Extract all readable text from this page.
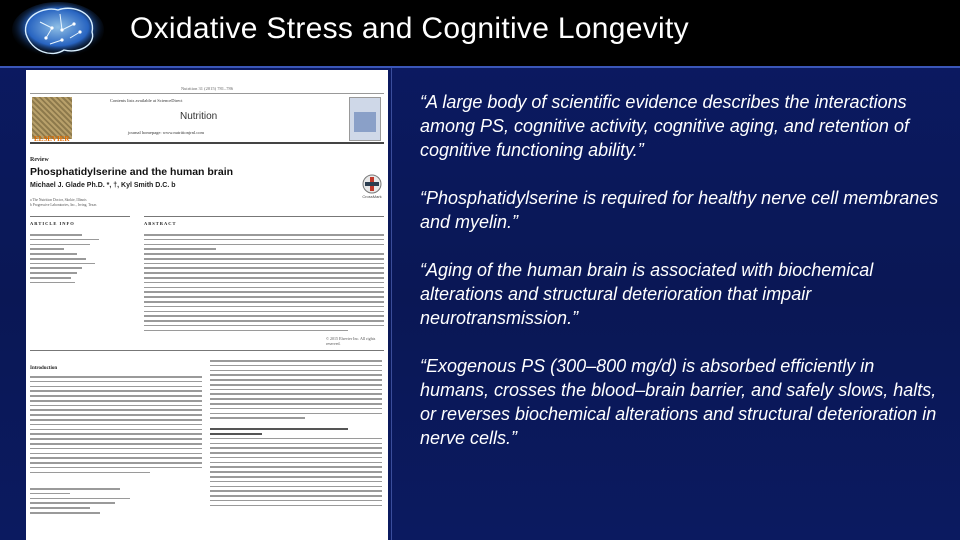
Oxidative Stress and Cognitive Longevity
Nutrition 31 (2015) 781–786
ELSEVIER
Contents lists available at ScienceDirect
Nutrition
journal homepage: www.nutritionjrnl.com
Review
Phosphatidylserine and the human brain
Michael J. Glade Ph.D. *, †, Kyl Smith D.C. b
CrossMark
a The Nutrition Doctor, Skokie, Illinois
b Progressive Laboratories, Inc., Irving, Texas
ARTICLE INFO	ABSTRACT
© 2015 Elsevier Inc. All rights reserved.
Introduction

“A large body of scientific evidence describes the interactions among PS, cognitive activity, cognitive aging, and retention of cognitive functioning ability.”

“Phosphatidylserine is required for healthy nerve cell membranes and myelin.”

“Aging of the human brain is associated with biochemical alterations and structural deterioration that impair neurotransmission.”

“Exogenous PS (300–800 mg/d) is absorbed efficiently in humans, crosses the blood–brain barrier, and safely slows, halts, or reverses biochemical alterations and structural deterioration in nerve cells.”
